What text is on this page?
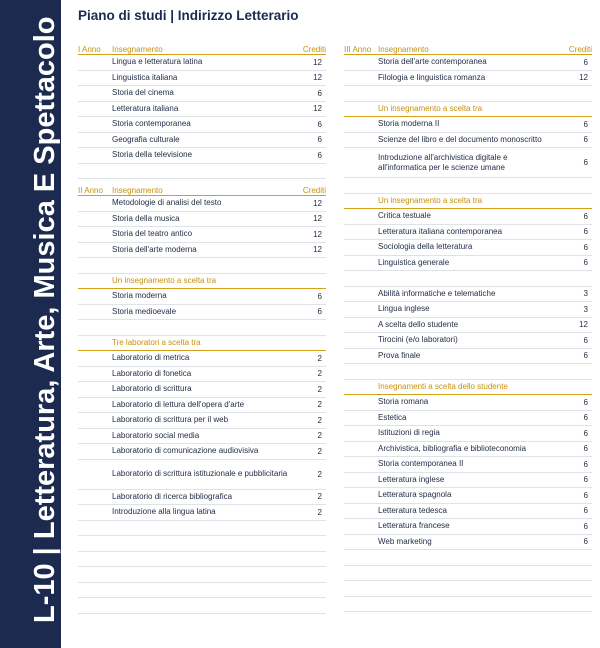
L-10 | Letteratura, Arte, Musica E Spettacolo
Piano di studi | Indirizzo Letterario
I Anno	Insegnamento	Crediti
Lingua e letteratura latina	12
Linguistica italiana	12
Storia del cinema	6
Letteratura italiana	12
Storia contemporanea	6
Geografia culturale	6
Storia della televisione	6
II Anno	Insegnamento	Crediti
Metodologie di analisi del testo	12
Storia della musica	12
Storia del teatro antico	12
Storia dell'arte moderna	12
Un insegnamento a scelta tra
Storia moderna	6
Storia medioevale	6
Tre laboratori a scelta tra
Laboratorio di metrica	2
Laboratorio di fonetica	2
Laboratorio di scrittura	2
Laboratorio di lettura dell'opera d'arte	2
Laboratorio di scrittura per il web	2
Laboratorio social media	2
Laboratorio di comunicazione audiovisiva	2
Laboratorio di scrittura istituzionale e pubblicitaria	2
Laboratorio di ricerca bibliografica	2
Introduzione alla lingua latina	2
III Anno Insegnamento	Crediti
Storia dell'arte contemporanea	6
Filologia e linguistica romanza	12
Un insegnamento a scelta tra
Storia moderna II	6
Scienze del libro e del documento monoscritto	6
Introduzione all'archivistica digitale e all'informatica per le scienze umane	6
Un insegnamento a scelta tra
Critica testuale	6
Letteratura italiana contemporanea	6
Sociologia della letteratura	6
Linguistica generale	6
Abilità informatiche e telematiche	3
Lingua inglese	3
A scelta dello studente	12
Tirocini (e/o laboratori)	6
Prova finale	6
Insegnamenti a scelta dello studente
Storia romana	6
Estetica	6
Istituzioni di regia	6
Archivistica, bibliografia e biblioteconomia	6
Storia contemporanea II	6
Letteratura inglese	6
Letteratura spagnola	6
Letteratura tedesca	6
Letteratura francese	6
Web marketing	6
